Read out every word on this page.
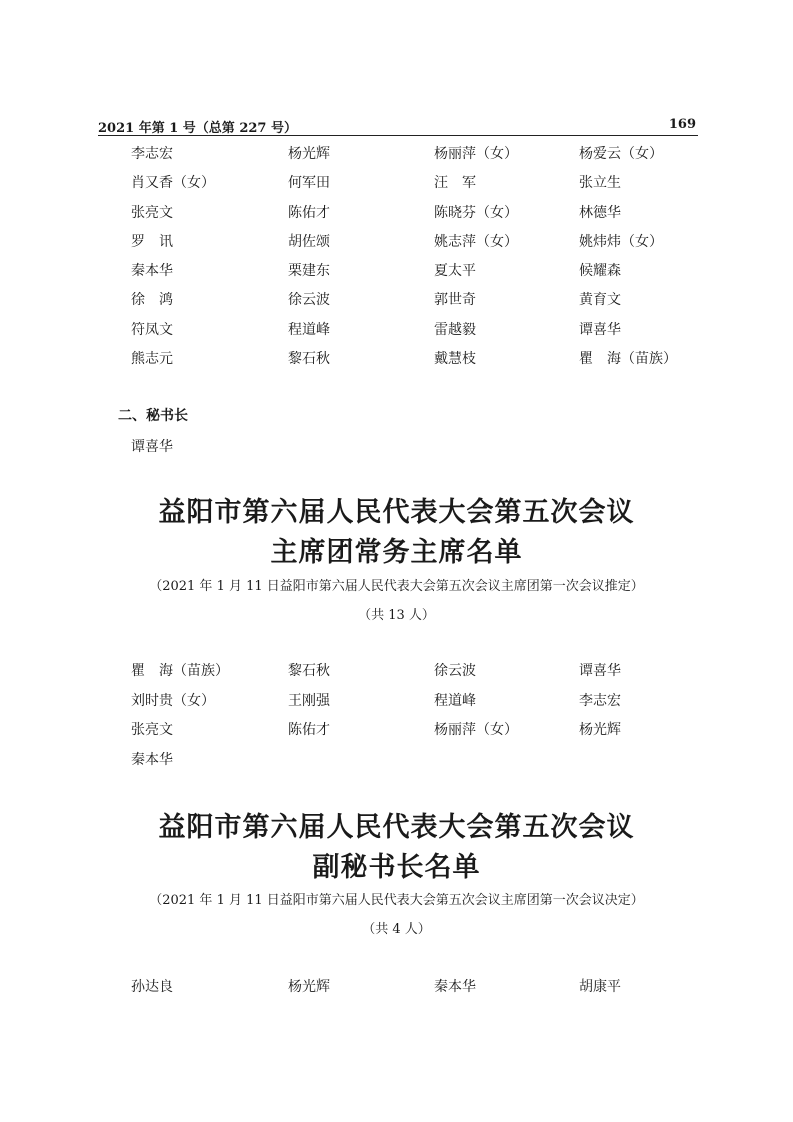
2021 年第 1 号（总第 227 号）	169
李志宏	杨光辉	杨丽萍（女）	杨爱云（女）
肖又香（女）	何军田	汪　军	张立生
张亮文	陈佑才	陈晓芬（女）	林德华
罗　讯	胡佐颂	姚志萍（女）	姚炜炜（女）
秦本华	栗建东	夏太平	候耀森
徐　鸿	徐云波	郭世奇	黄育文
符凤文	程道峰	雷越毅	谭喜华
熊志元	黎石秋	戴慧枝	瞿　海（苗族）
二、秘书长
谭喜华
益阳市第六届人民代表大会第五次会议
主席团常务主席名单
（2021 年 1 月 11 日益阳市第六届人民代表大会第五次会议主席团第一次会议推定）
（共 13 人）
瞿　海（苗族）	黎石秋	徐云波	谭喜华
刘时贵（女）	王刚强	程道峰	李志宏
张亮文	陈佑才	杨丽萍（女）	杨光辉
秦本华
益阳市第六届人民代表大会第五次会议
副秘书长名单
（2021 年 1 月 11 日益阳市第六届人民代表大会第五次会议主席团第一次会议决定）
（共 4 人）
孙达良	杨光辉	秦本华	胡康平
